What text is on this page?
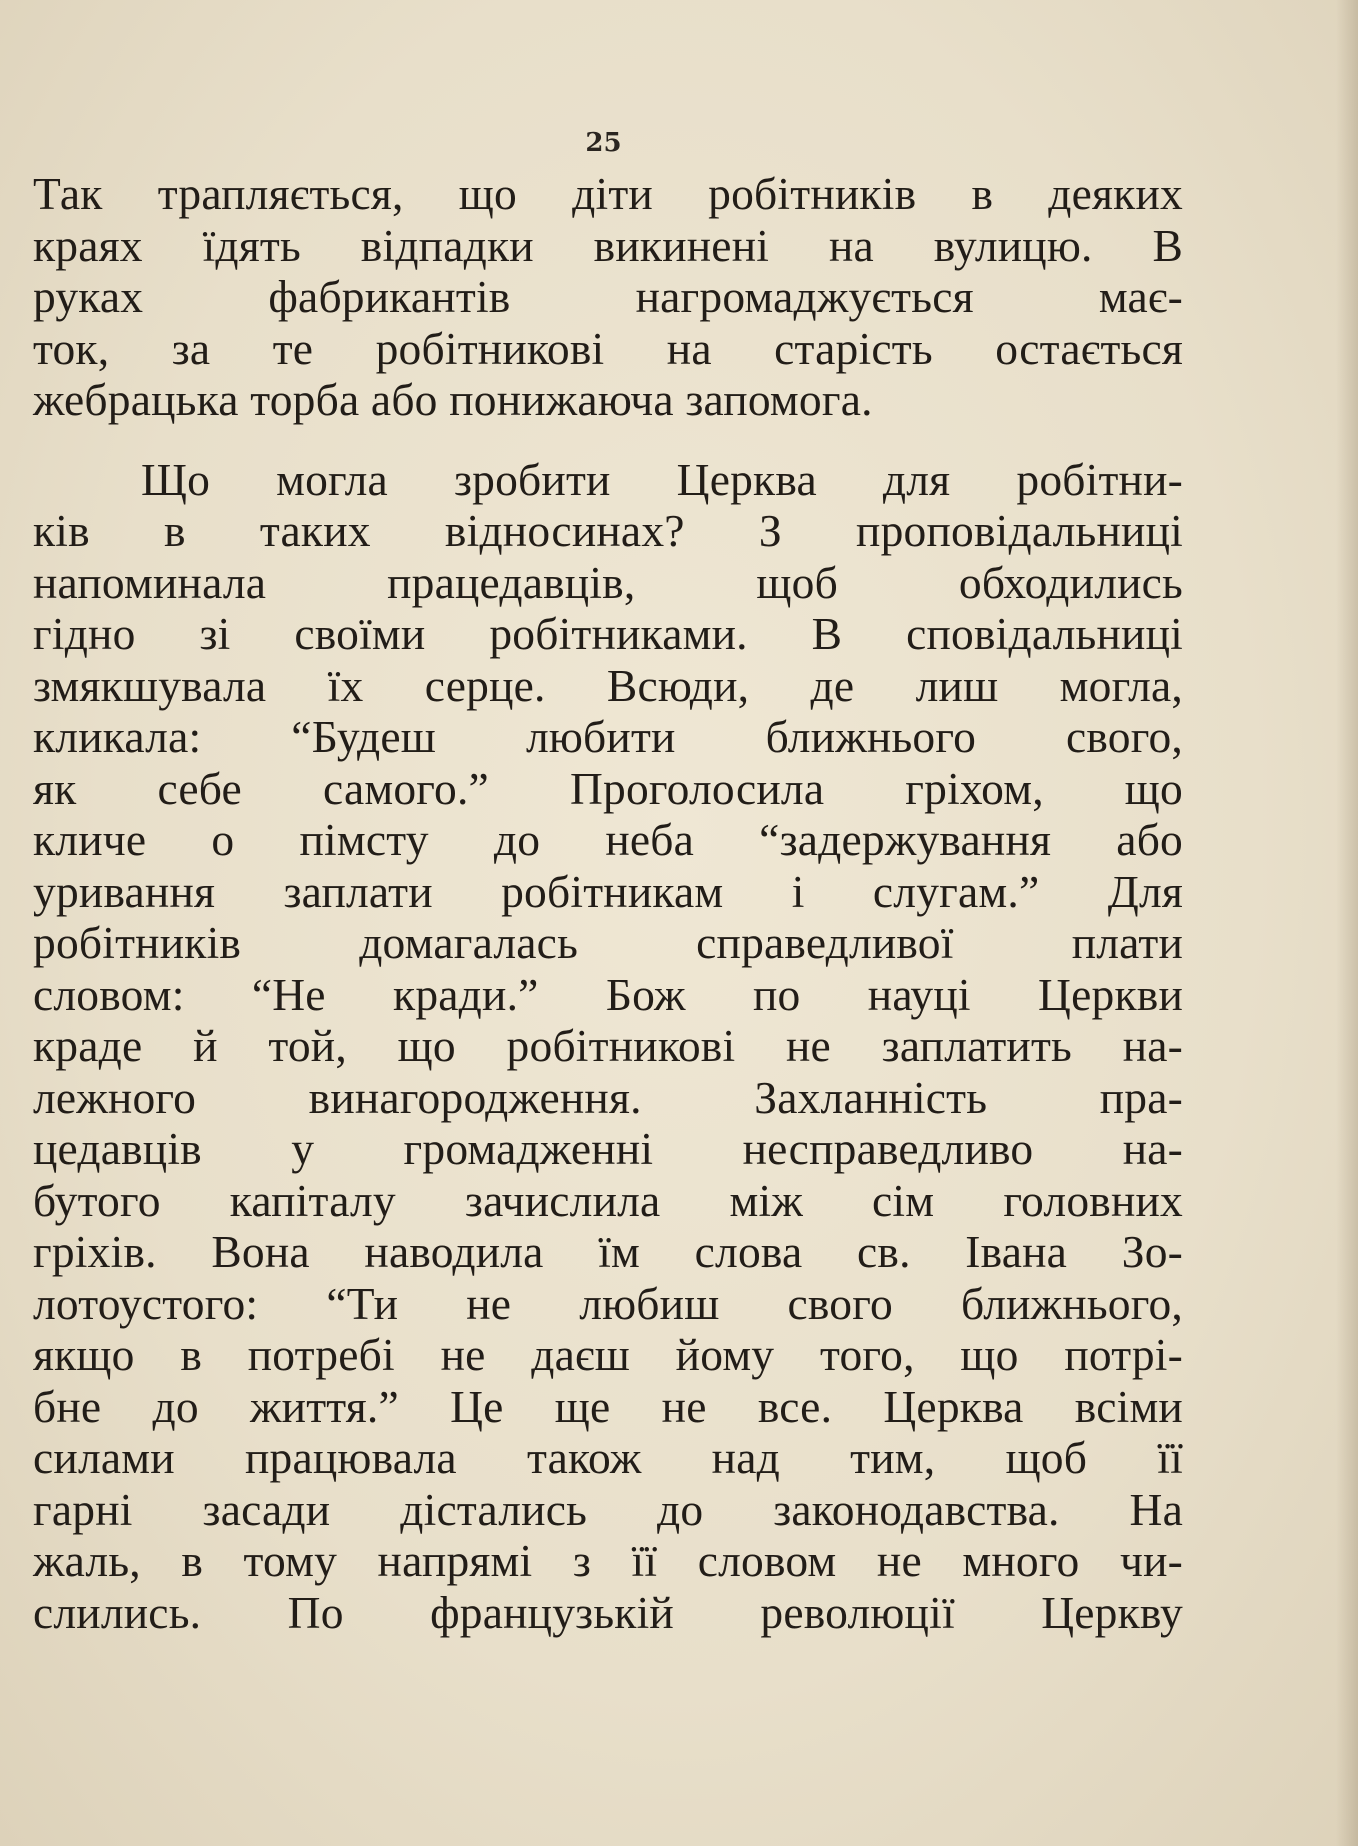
25

Так трапляється, що діти робітників в деяких
краях їдять відпадки викинені на вулицю. В
руках фабрикантів нагромаджується має-
ток, за те робітникові на старість остається
жебрацька торба або понижаюча запомога.

Що могла зробити Церква для робітни-
ків в таких відносинах? З проповідальниці
напоминала працедавців, щоб обходились
гідно зі своїми робітниками. В сповідальниці
змякшувала їх серце. Всюди, де лиш могла,
кликала: “Будеш любити ближнього свого,
як себе самого.” Проголосила гріхом, що
кличе о пімсту до неба “задержування або
уривання заплати робітникам і слугам.” Для
робітників домагалась справедливої плати
словом: “Не кради.” Бож по науці Церкви
краде й той, що робітникові не заплатить на-
лежного винагородження. Захланність пра-
цедавців у громадженні несправедливо на-
бутого капіталу зачислила між сім головних
гріхів. Вона наводила їм слова св. Івана Зо-
лотоустого: “Ти не любиш свого ближнього,
якщо в потребі не даєш йому того, що потрі-
бне до життя.” Це ще не все. Церква всіми
силами працювала також над тим, щоб її
гарні засади дістались до законодавства. На
жаль, в тому напрямі з її словом не много чи-
слились. По французькій революції Церкву
